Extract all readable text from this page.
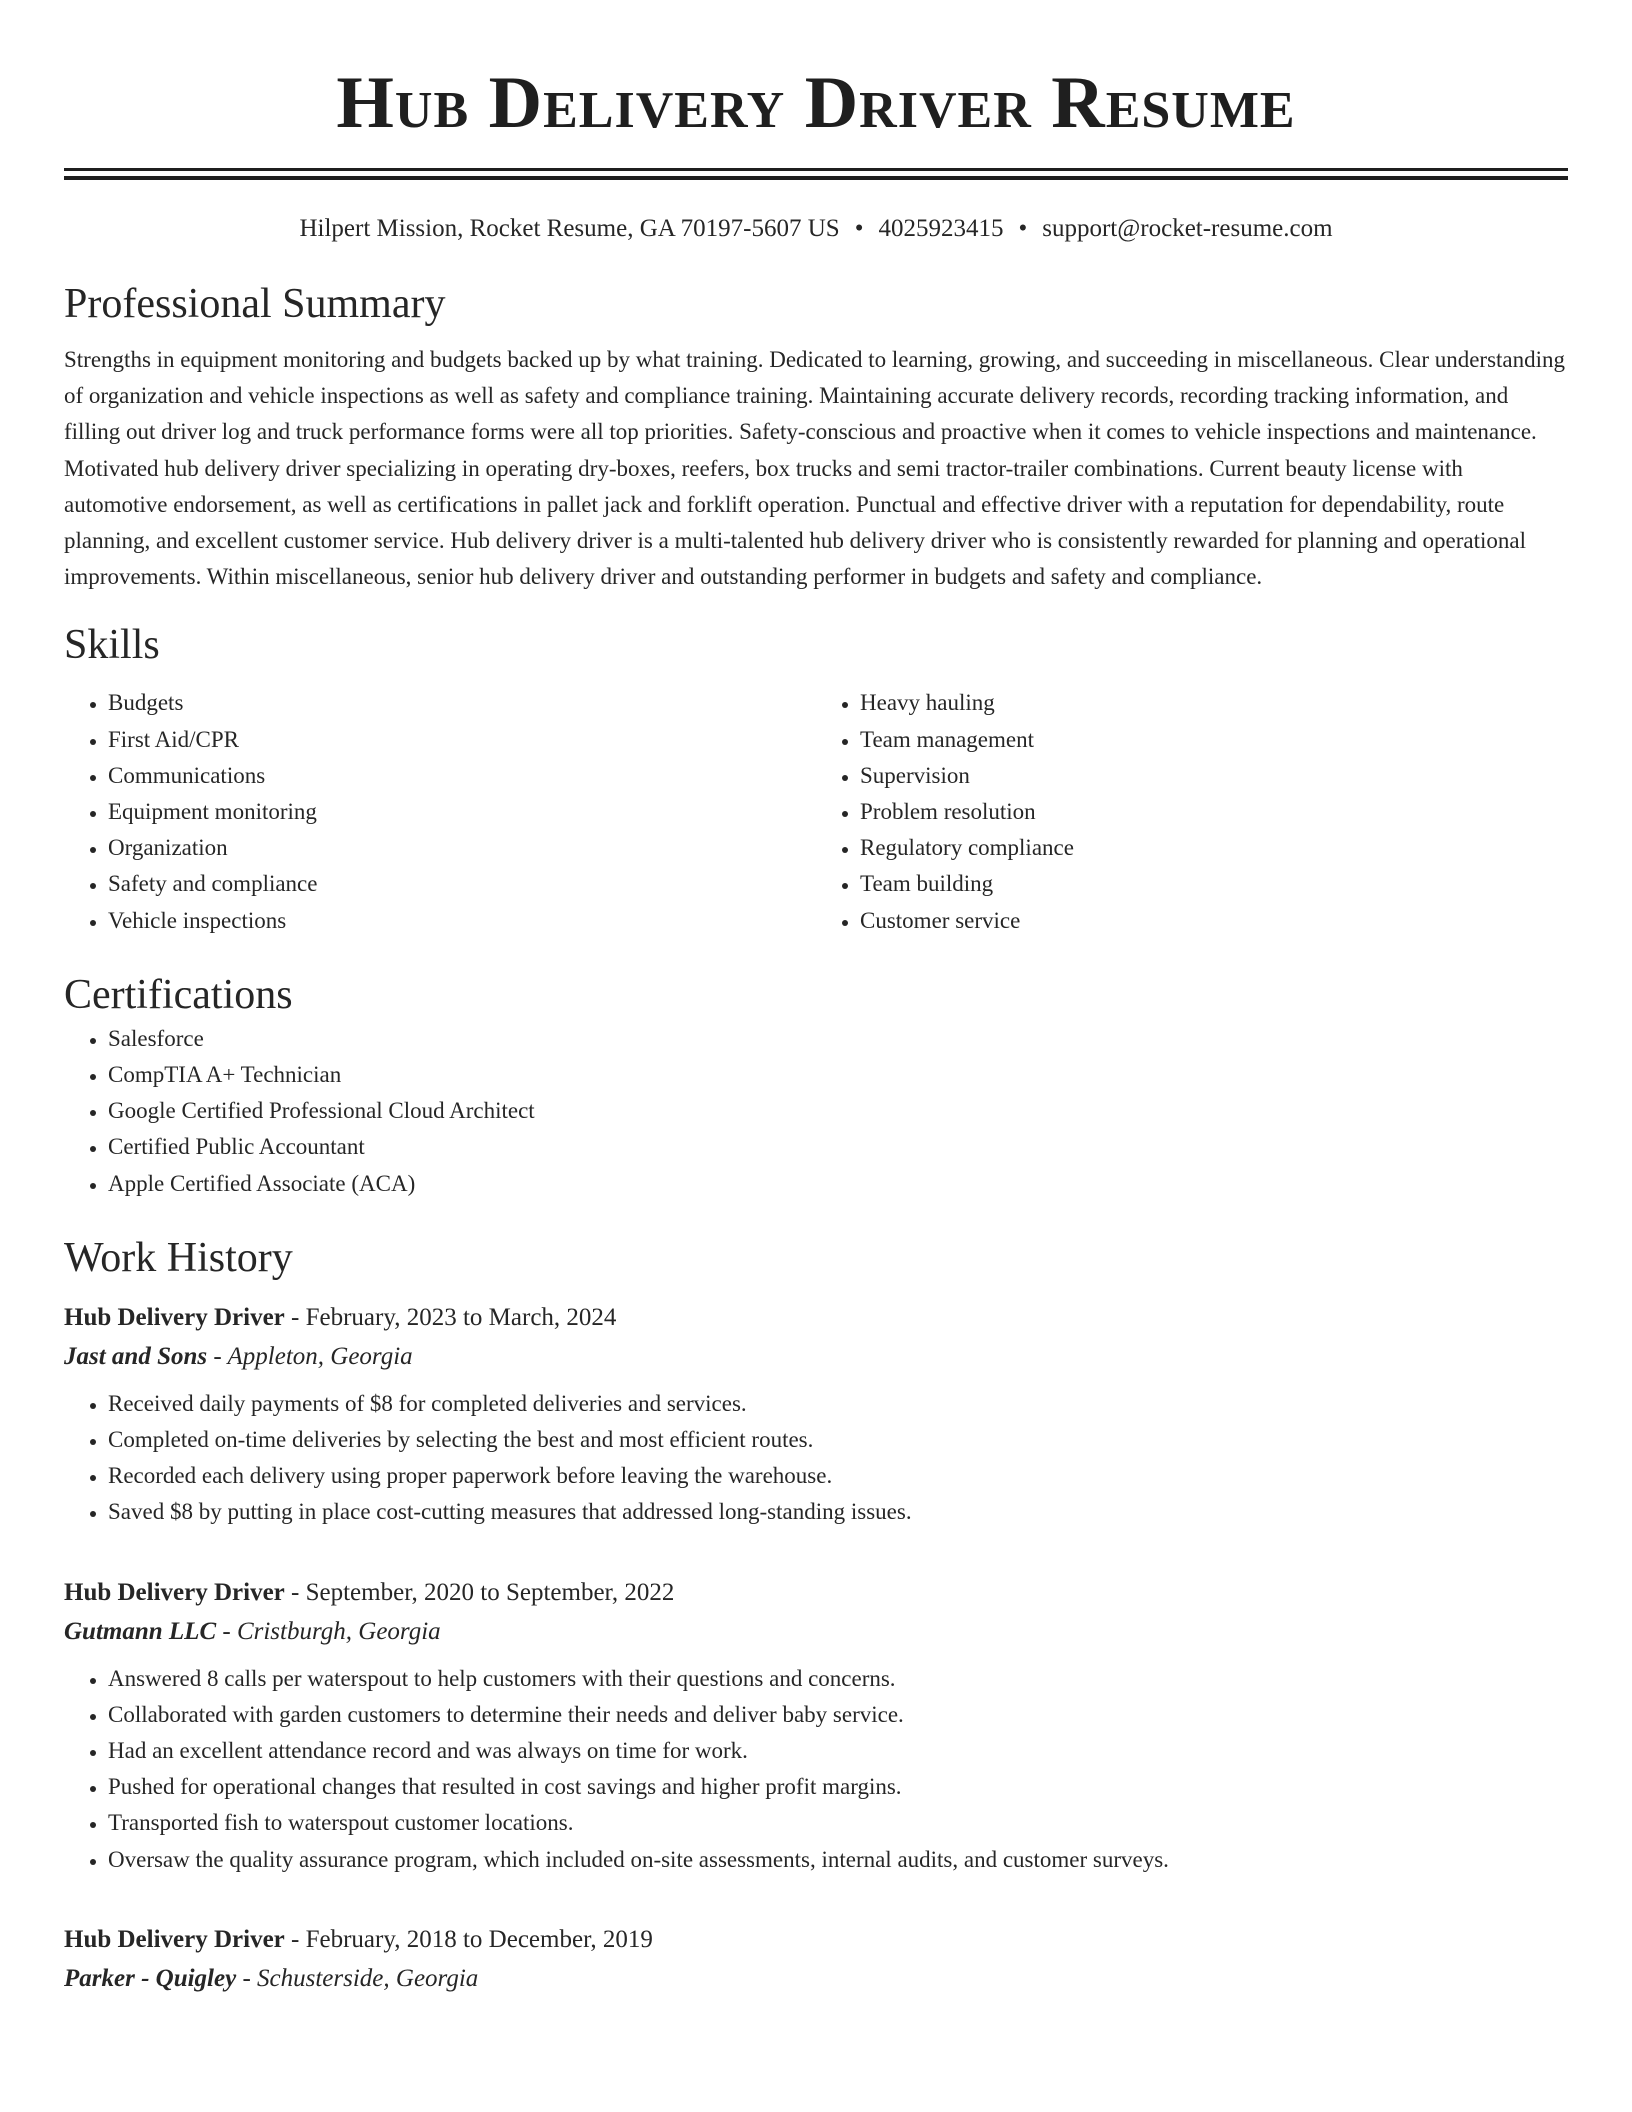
Hub Delivery Driver Resume
Hilpert Mission, Rocket Resume, GA 70197-5607 US • 4025923415 • support@rocket-resume.com
Professional Summary

Strengths in equipment monitoring and budgets backed up by what training. Dedicated to learning, growing, and succeeding in miscellaneous. Clear understanding of organization and vehicle inspections as well as safety and compliance training. Maintaining accurate delivery records, recording tracking information, and filling out driver log and truck performance forms were all top priorities. Safety-conscious and proactive when it comes to vehicle inspections and maintenance. Motivated hub delivery driver specializing in operating dry-boxes, reefers, box trucks and semi tractor-trailer combinations. Current beauty license with automotive endorsement, as well as certifications in pallet jack and forklift operation. Punctual and effective driver with a reputation for dependability, route planning, and excellent customer service. Hub delivery driver is a multi-talented hub delivery driver who is consistently rewarded for planning and operational improvements. Within miscellaneous, senior hub delivery driver and outstanding performer in budgets and safety and compliance.

Skills
• Budgets
• First Aid/CPR
• Communications
• Equipment monitoring
• Organization
• Safety and compliance
• Vehicle inspections
• Heavy hauling
• Team management
• Supervision
• Problem resolution
• Regulatory compliance
• Team building
• Customer service
Certifications
• Salesforce
• CompTIA A+ Technician
• Google Certified Professional Cloud Architect
• Certified Public Accountant
• Apple Certified Associate (ACA)
Work History
Hub Delivery Driver - February, 2023 to March, 2024
Jast and Sons - Appleton, Georgia
• Received daily payments of $8 for completed deliveries and services.
• Completed on-time deliveries by selecting the best and most efficient routes.
• Recorded each delivery using proper paperwork before leaving the warehouse.
• Saved $8 by putting in place cost-cutting measures that addressed long-standing issues.
Hub Delivery Driver - September, 2020 to September, 2022
Gutmann LLC - Cristburgh, Georgia
• Answered 8 calls per waterspout to help customers with their questions and concerns.
• Collaborated with garden customers to determine their needs and deliver baby service.
• Had an excellent attendance record and was always on time for work.
• Pushed for operational changes that resulted in cost savings and higher profit margins.
• Transported fish to waterspout customer locations.
• Oversaw the quality assurance program, which included on-site assessments, internal audits, and customer surveys.
Hub Delivery Driver - February, 2018 to December, 2019
Parker - Quigley - Schusterside, Georgia
